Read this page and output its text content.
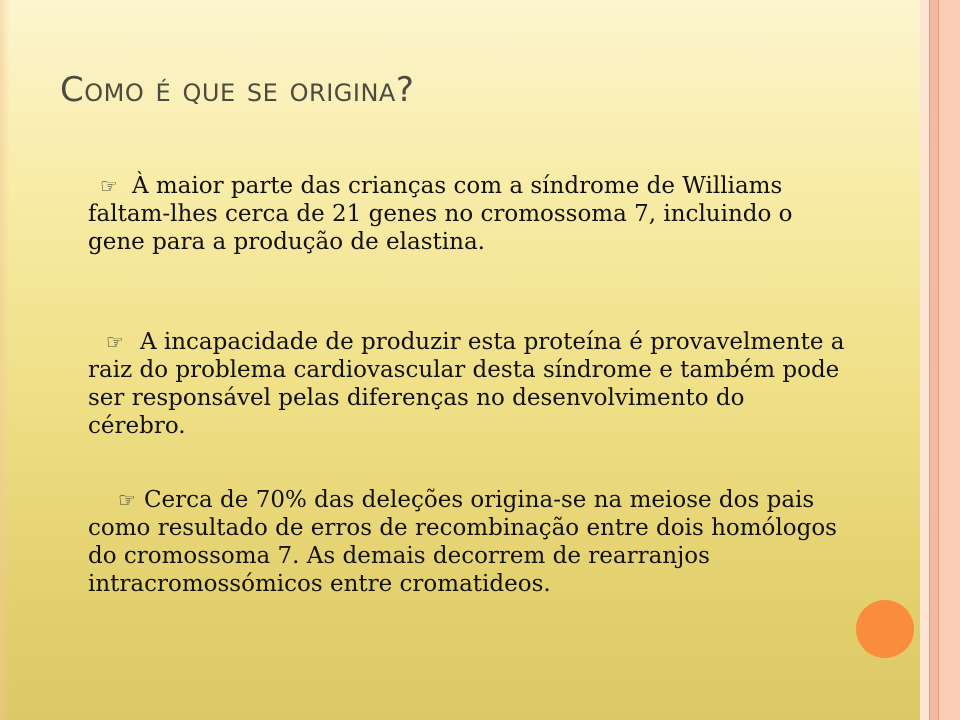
Como é que se origina?

☞ À maior parte das crianças com a síndrome de Williams faltam-lhes cerca de 21 genes no cromossoma 7, incluindo o gene para a produção de elastina.

☞ A incapacidade de produzir esta proteína é provavelmente a raiz do problema cardiovascular desta síndrome e também pode ser responsável pelas diferenças no desenvolvimento do cérebro.

☞ Cerca de 70% das deleções origina-se na meiose dos pais como resultado de erros de recombinação entre dois homólogos do cromossoma 7. As demais decorrem de rearranjos intracromossómicos entre cromatideos.
